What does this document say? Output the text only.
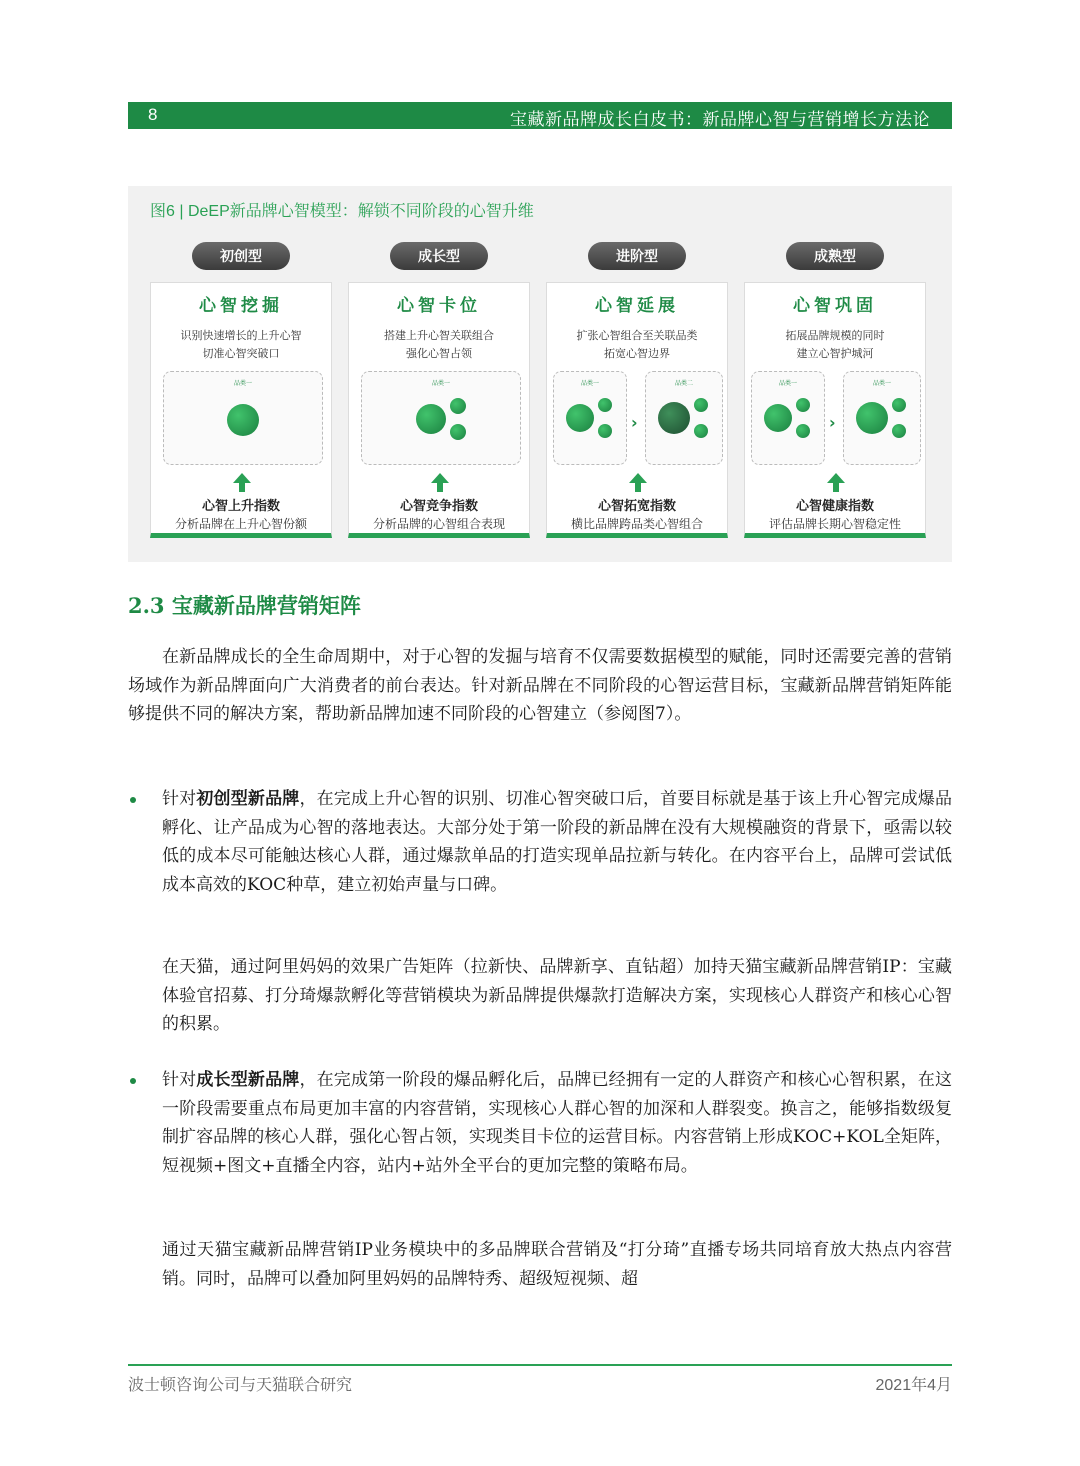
8	宝藏新品牌成长白皮书：新品牌心智与营销增长方法论
图6 | DeEP新品牌心智模型：解锁不同阶段的心智升维
初创型
心智挖掘
识别快速增长的上升心智
切准心智突破口
品类一
心智上升指数
分析品牌在上升心智份额
成长型
心智卡位
搭建上升心智关联组合
强化心智占领
品类一
心智竞争指数
分析品牌的心智组合表现
进阶型
心智延展
扩张心智组合至关联品类
拓宽心智边界
品类一
›
品类二
心智拓宽指数
横比品牌跨品类心智组合
成熟型
心智巩固
拓展品牌规模的同时
建立心智护城河
品类一
›
品类一
心智健康指数
评估品牌长期心智稳定性
2.3 宝藏新品牌营销矩阵
在新品牌成长的全生命周期中，对于心智的发掘与培育不仅需要数据模型的赋能，同时还需要完善的营销场域作为新品牌面向广大消费者的前台表达。针对新品牌在不同阶段的心智运营目标，宝藏新品牌营销矩阵能够提供不同的解决方案，帮助新品牌加速不同阶段的心智建立（参阅图7）。
针对初创型新品牌，在完成上升心智的识别、切准心智突破口后，首要目标就是基于该上升心智完成爆品孵化、让产品成为心智的落地表达。大部分处于第一阶段的新品牌在没有大规模融资的背景下，亟需以较低的成本尽可能触达核心人群，通过爆款单品的打造实现单品拉新与转化。在内容平台上，品牌可尝试低成本高效的KOC种草，建立初始声量与口碑。
在天猫，通过阿里妈妈的效果广告矩阵（拉新快、品牌新享、直钻超）加持天猫宝藏新品牌营销IP：宝藏体验官招募、打分琦爆款孵化等营销模块为新品牌提供爆款打造解决方案，实现核心人群资产和核心心智的积累。
针对成长型新品牌，在完成第一阶段的爆品孵化后，品牌已经拥有一定的人群资产和核心心智积累，在这一阶段需要重点布局更加丰富的内容营销，实现核心人群心智的加深和人群裂变。换言之，能够指数级复制扩容品牌的核心人群，强化心智占领，实现类目卡位的运营目标。内容营销上形成KOC+KOL全矩阵，短视频+图文+直播全内容，站内+站外全平台的更加完整的策略布局。
通过天猫宝藏新品牌营销IP业务模块中的多品牌联合营销及“打分琦”直播专场共同培育放大热点内容营销。同时，品牌可以叠加阿里妈妈的品牌特秀、超级短视频、超
波士顿咨询公司与天猫联合研究	2021年4月
